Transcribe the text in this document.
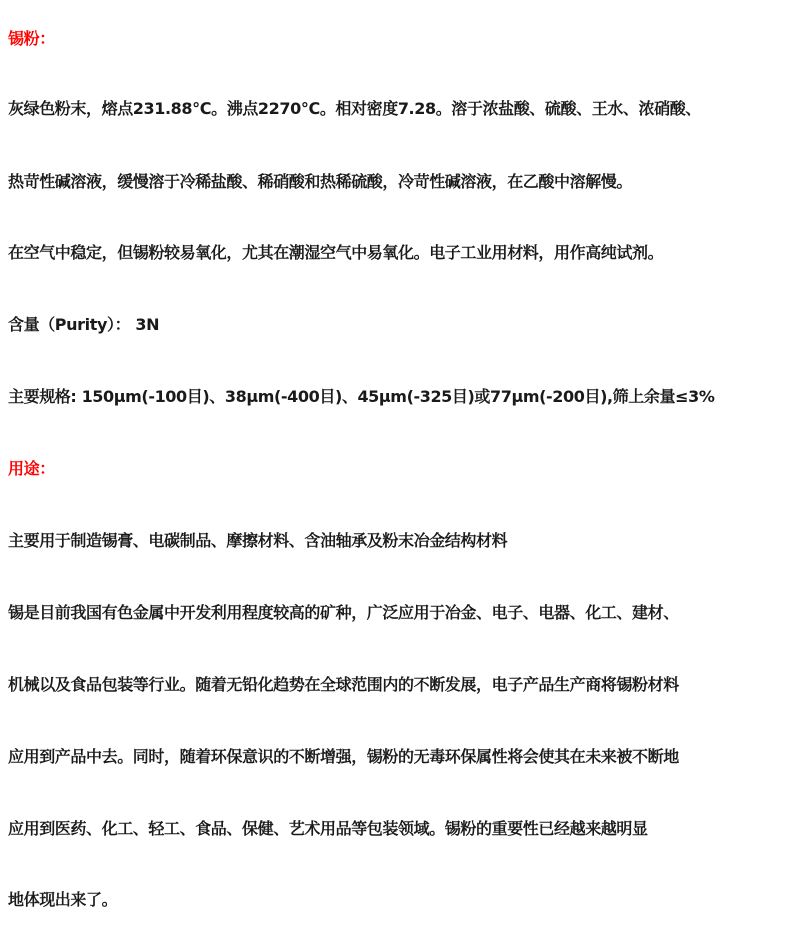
锡粉：
灰绿色粉末，熔点231.88℃。沸点2270℃。相对密度7.28。溶于浓盐酸、硫酸、王水、浓硝酸、
热苛性碱溶液，缓慢溶于冷稀盐酸、稀硝酸和热稀硫酸，冷苛性碱溶液，在乙酸中溶解慢。
在空气中稳定，但锡粉较易氧化，尤其在潮湿空气中易氧化。电子工业用材料，用作高纯试剂。
含量（Purity）： 3N
主要规格: 150μm(-100目)、38μm(-400目)、45μm(-325目)或77μm(-200目),筛上余量≤3%
用途：
主要用于制造锡膏、电碳制品、摩擦材料、含油轴承及粉末冶金结构材料
锡是目前我国有色金属中开发利用程度较高的矿种，广泛应用于冶金、电子、电器、化工、建材、
机械以及食品包装等行业。随着无铅化趋势在全球范围内的不断发展，电子产品生产商将锡粉材料
应用到产品中去。同时，随着环保意识的不断增强，锡粉的无毒环保属性将会使其在未来被不断地
应用到医药、化工、轻工、食品、保健、艺术用品等包装领域。锡粉的重要性已经越来越明显
地体现出来了。
